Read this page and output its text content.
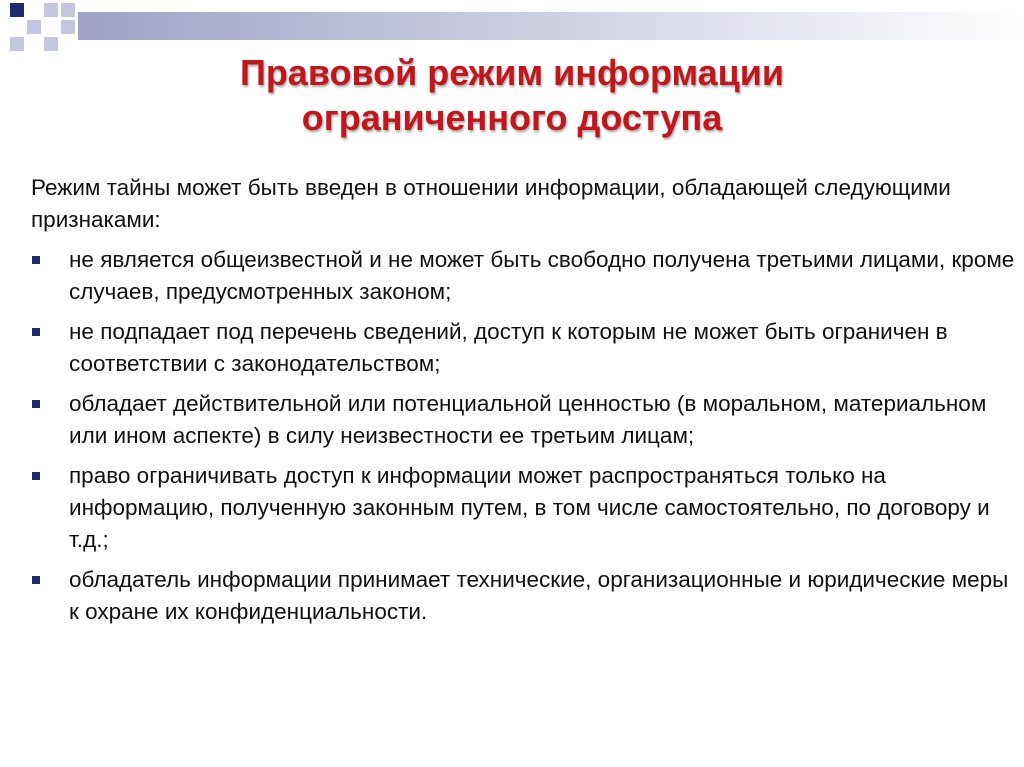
Правовой режим информации
ограниченного доступа

Режим тайны может быть введен в отношении информации, обладающей следующими признаками:

не является общеизвестной и не может быть свободно получена третьими лицами, кроме случаев, предусмотренных законом;
не подпадает под перечень сведений, доступ к которым не может быть ограничен в соответствии с законодательством;
обладает действительной или потенциальной ценностью (в моральном, материальном или ином аспекте) в силу неизвестности ее третьим лицам;
право ограничивать доступ к информации может распространяться только на информацию, полученную законным путем, в том числе самостоятельно, по договору и т.д.;
обладатель информации принимает технические, организационные и юридические меры к охране их конфиденциальности.
